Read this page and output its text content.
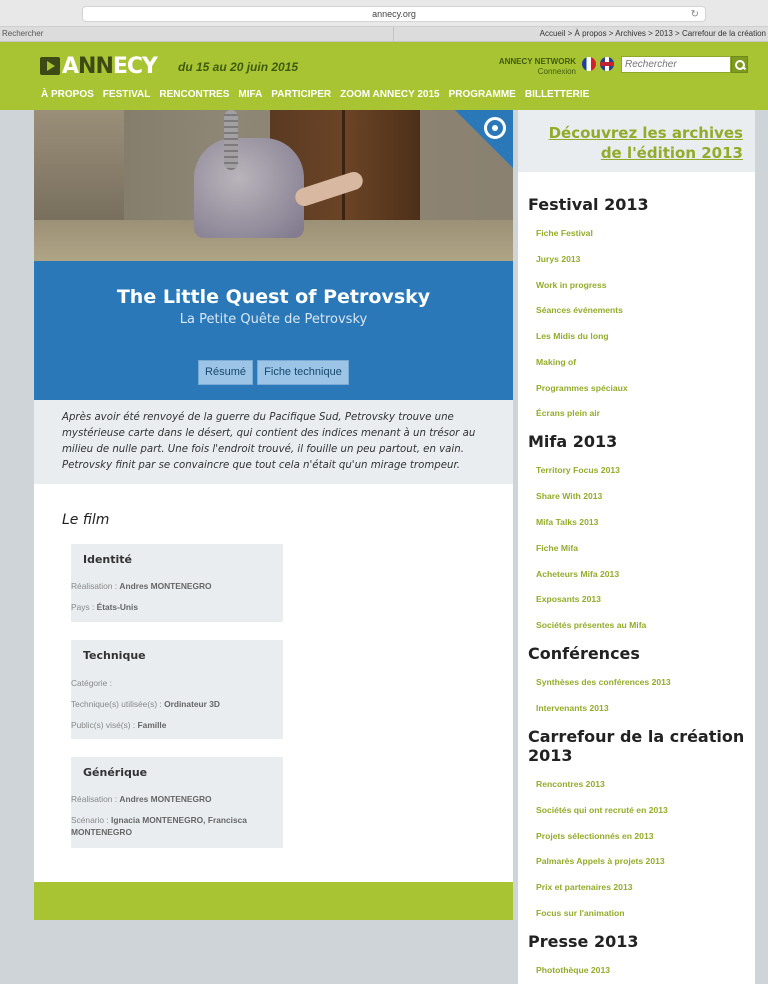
annecy.org	↻
Rechercher	Accueil > À propos > Archives > 2013 > Carrefour de la création
ANNECY du 15 au 20 juin 2015	ANNECY NETWORK
Connexion
Rechercher
À PROPOS FESTIVAL RENCONTRES MIFA PARTICIPER ZOOM ANNECY 2015 PROGRAMME BILLETTERIE
The Little Quest of Petrovsky
La Petite Quête de Petrovsky
Résumé	Fiche technique
Après avoir été renvoyé de la guerre du Pacifique Sud, Petrovsky trouve une mystérieuse carte dans le désert, qui contient des indices menant à un trésor au milieu de nulle part. Une fois l'endroit trouvé, il fouille un peu partout, en vain. Petrovsky finit par se convaincre que tout cela n'était qu'un mirage trompeur.
Le film
Identité
Réalisation : Andres MONTENEGRO
Pays : États-Unis
Technique
Catégorie :
Technique(s) utilisée(s) : Ordinateur 3D
Public(s) visé(s) : Famille
Générique
Réalisation : Andres MONTENEGRO
Scénario : Ignacia MONTENEGRO, Francisca
MONTENEGRO
Découvrez les archives
de l'édition 2013
Festival 2013
Fiche Festival
Jurys 2013
Work in progress
Séances événements
Les Midis du long
Making of
Programmes spéciaux
Écrans plein air
Mifa 2013
Territory Focus 2013
Share With 2013
Mifa Talks 2013
Fiche Mifa
Acheteurs Mifa 2013
Exposants 2013
Sociétés présentes au Mifa
Conférences
Synthèses des conférences 2013
Intervenants 2013
Carrefour de la création
2013
Rencontres 2013
Sociétés qui ont recruté en 2013
Projets sélectionnés en 2013
Palmarès Appels à projets 2013
Prix et partenaires 2013
Focus sur l'animation
Presse 2013
Photothèque 2013
